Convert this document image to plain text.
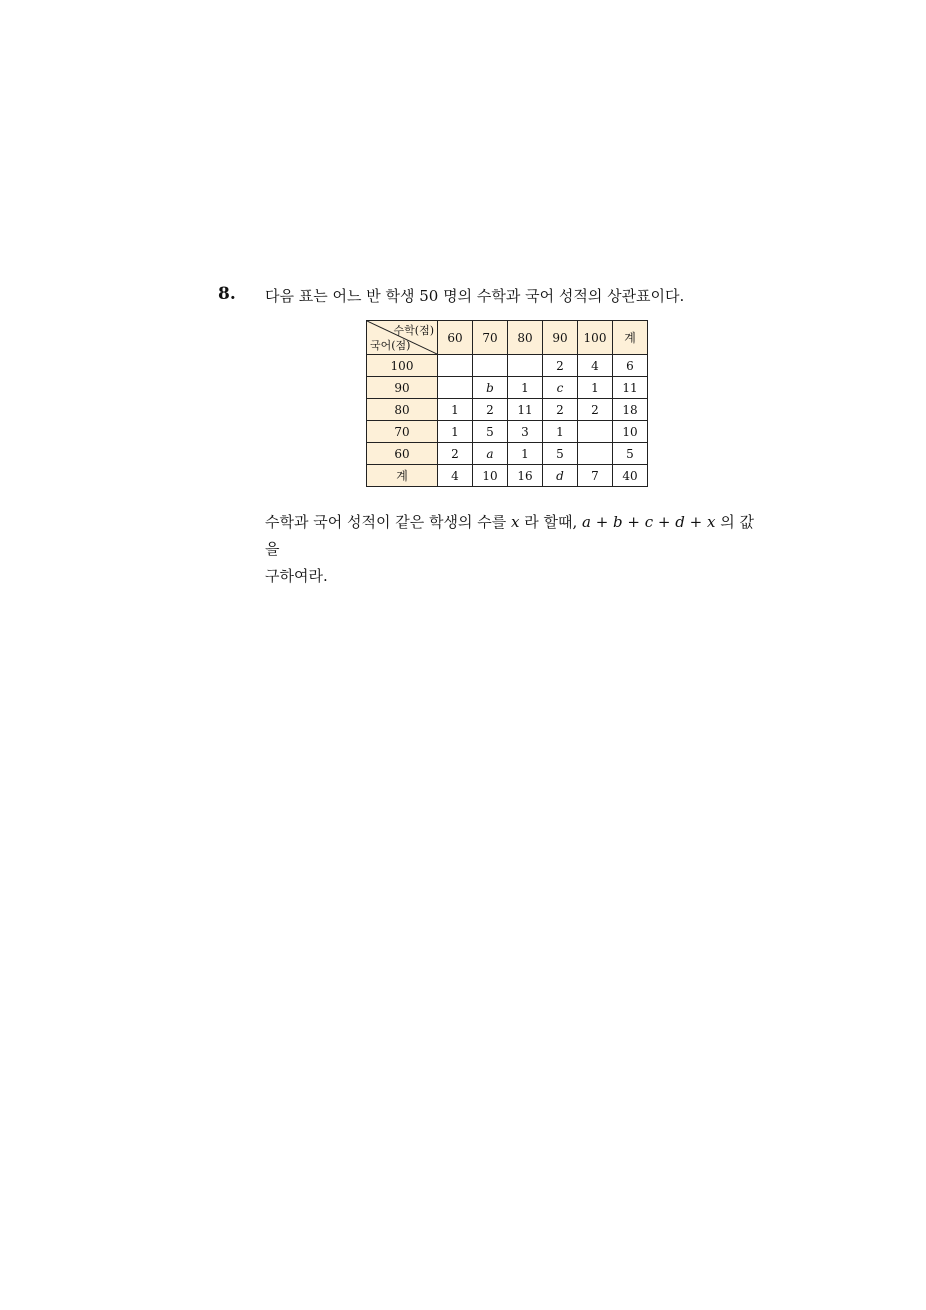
8. 다음 표는 어느 반 학생 50 명의 수학과 국어 성적의 상관표이다.
수학(점)
국어(점)	60	70	80	90	100	계
100				2	4	6
90		b	1	c	1	11
80	1	2	11	2	2	18
70	1	5	3	1		10
60	2	a	1	5		5
계	4	10	16	d	7	40
수학과 국어 성적이 같은 학생의 수를 x 라 할때, a + b + c + d + x 의 값을
구하여라.
